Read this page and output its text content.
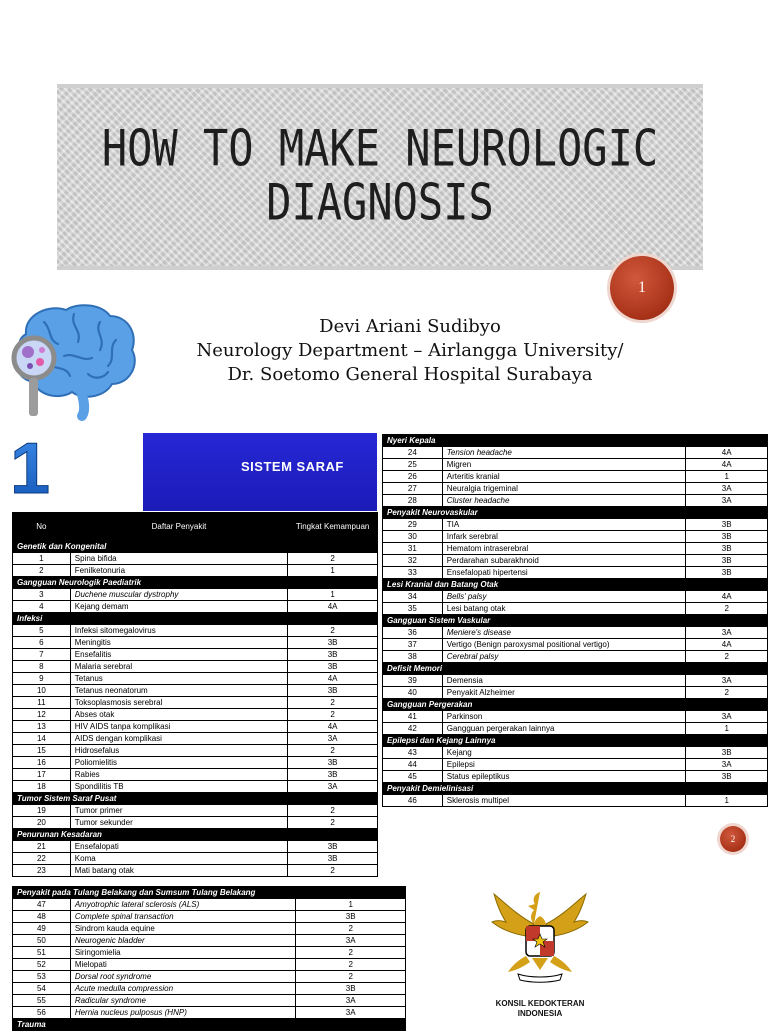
HOW TO MAKE NEUROLOGIC DIAGNOSIS
1
2
Devi Ariani Sudibyo
Neurology Department – Airlangga University/
Dr. Soetomo General Hospital Surabaya
1	SISTEM SARAF
No	Daftar Penyakit	Tingkat Kemampuan
Genetik dan Kongenital		
1	Spina bifida	2
2	Fenilketonuria	1
Gangguan Neurologik Paediatrik		
3	Duchene muscular dystrophy	1
4	Kejang demam	4A
Infeksi		
5	Infeksi sitomegalovirus	2
6	Meningitis	3B
7	Ensefalitis	3B
8	Malaria serebral	3B
9	Tetanus	4A
10	Tetanus neonatorum	3B
11	Toksoplasmosis serebral	2
12	Abses otak	2
13	HIV AIDS tanpa komplikasi	4A
14	AIDS dengan komplikasi	3A
15	Hidrosefalus	2
16	Poliomielitis	3B
17	Rabies	3B
18	Spondilitis TB	3A
Tumor Sistem Saraf Pusat		
19	Tumor primer	2
20	Tumor sekunder	2
Penurunan Kesadaran		
21	Ensefalopati	3B
22	Koma	3B
23	Mati batang otak	2
Nyeri Kepala		
24	Tension headache	4A
25	Migren	4A
26	Arteritis kranial	1
27	Neuralgia trigeminal	3A
28	Cluster headache	3A
Penyakit Neurovaskular		
29	TIA	3B
30	Infark serebral	3B
31	Hematom intraserebral	3B
32	Perdarahan subarakhnoid	3B
33	Ensefalopati hipertensi	3B
Lesi Kranial dan Batang Otak		
34	Bells' palsy	4A
35	Lesi batang otak	2
Gangguan Sistem Vaskular		
36	Meniere's disease	3A
37	Vertigo (Benign paroxysmal positional vertigo)	4A
38	Cerebral palsy	2
Defisit Memori		
39	Demensia	3A
40	Penyakit Alzheimer	2
Gangguan Pergerakan		
41	Parkinson	3A
42	Gangguan pergerakan lainnya	1
Epilepsi dan Kejang Lainnya		
43	Kejang	3B
44	Epilepsi	3A
45	Status epileptikus	3B
Penyakit Demielinisasi		
46	Sklerosis multipel	1
Penyakit pada Tulang Belakang dan Sumsum Tulang Belakang		
47	Amyotrophic lateral sclerosis (ALS)	1
48	Complete spinal transaction	3B
49	Sindrom kauda equine	2
50	Neurogenic bladder	3A
51	Siringomielia	2
52	Mielopati	2
53	Dorsal root syndrome	2
54	Acute medulla compression	3B
55	Radicular syndrome	3A
56	Hernia nucleus pulposus (HNP)	3A
Trauma		
KONSIL KEDOKTERAN
INDONESIA
